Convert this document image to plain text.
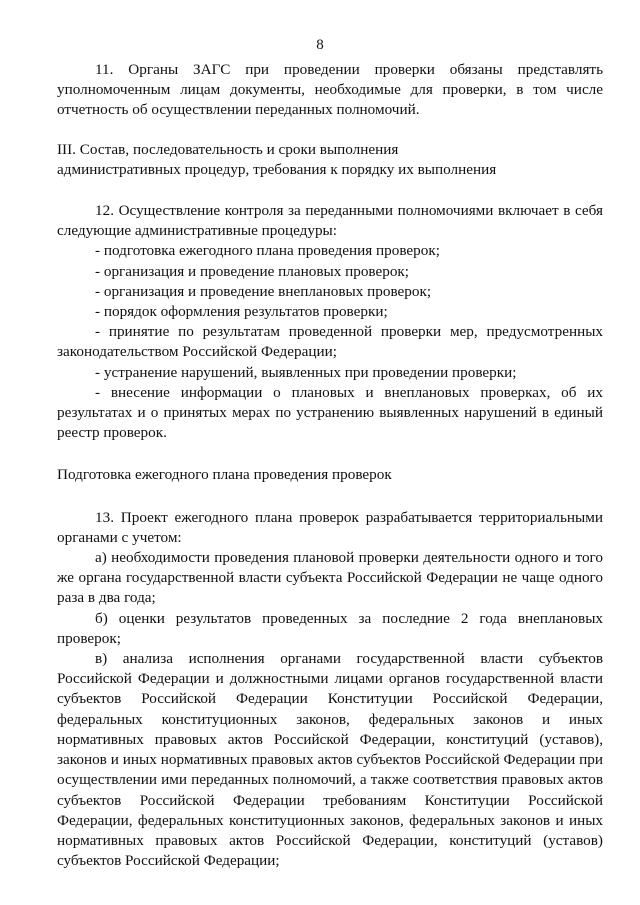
8

11. Органы ЗАГС при проведении проверки обязаны представлять уполномоченным лицам документы, необходимые для проверки, в том числе отчетность об осуществлении переданных полномочий.

III. Состав, последовательность и сроки выполнения

административных процедур, требования к порядку их выполнения

12. Осуществление контроля за переданными полномочиями включает в себя следующие административные процедуры:

- подготовка ежегодного плана проведения проверок;

- организация и проведение плановых проверок;

- организация и проведение внеплановых проверок;

- порядок оформления результатов проверки;

- принятие по результатам проведенной проверки мер, предусмотренных законодательством Российской Федерации;

- устранение нарушений, выявленных при проведении проверки;

- внесение информации о плановых и внеплановых проверках, об их результатах и о принятых мерах по устранению выявленных нарушений в единый реестр проверок.

Подготовка ежегодного плана проведения проверок

13. Проект ежегодного плана проверок разрабатывается территориальными органами с учетом:

а) необходимости проведения плановой проверки деятельности одного и того же органа государственной власти субъекта Российской Федерации не чаще одного раза в два года;

б) оценки результатов проведенных за последние 2 года внеплановых проверок;

в) анализа исполнения органами государственной власти субъектов Российской Федерации и должностными лицами органов государственной власти субъектов Российской Федерации Конституции Российской Федерации, федеральных конституционных законов, федеральных законов и иных нормативных правовых актов Российской Федерации, конституций (уставов), законов и иных нормативных правовых актов субъектов Российской Федерации при осуществлении ими переданных полномочий, а также соответствия правовых актов субъектов Российской Федерации требованиям Конституции Российской Федерации, федеральных конституционных законов, федеральных законов и иных нормативных правовых актов Российской Федерации, конституций (уставов) субъектов Российской Федерации;
